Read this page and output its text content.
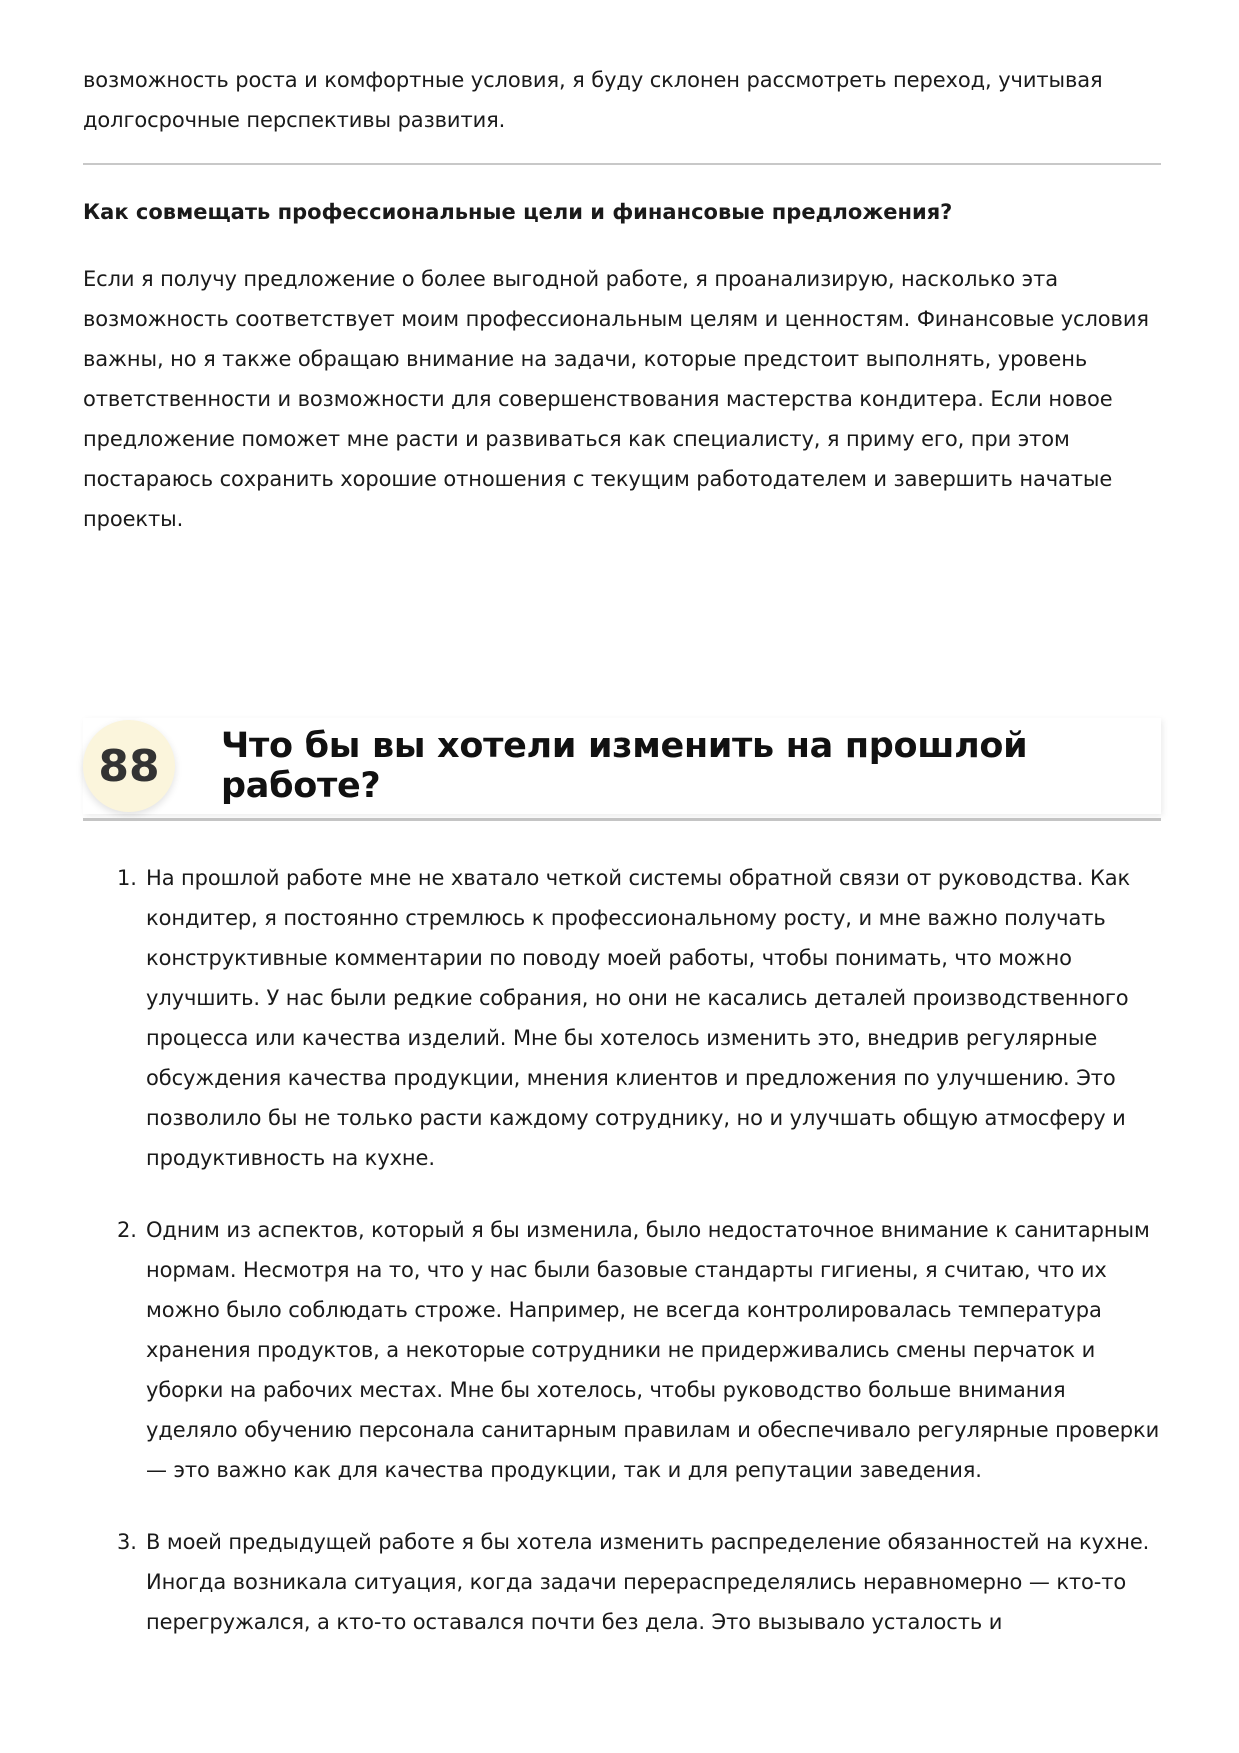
возможность роста и комфортные условия, я буду склонен рассмотреть переход, учитывая долгосрочные перспективы развития.

Как совмещать профессиональные цели и финансовые предложения?

Если я получу предложение о более выгодной работе, я проанализирую, насколько эта возможность соответствует моим профессиональным целям и ценностям. Финансовые условия важны, но я также обращаю внимание на задачи, которые предстоит выполнять, уровень ответственности и возможности для совершенствования мастерства кондитера. Если новое предложение поможет мне расти и развиваться как специалисту, я приму его, при этом постараюсь сохранить хорошие отношения с текущим работодателем и завершить начатые проекты.

88	Что бы вы хотели изменить на прошлой работе?
1. На прошлой работе мне не хватало четкой системы обратной связи от руководства. Как кондитер, я постоянно стремлюсь к профессиональному росту, и мне важно получать конструктивные комментарии по поводу моей работы, чтобы понимать, что можно улучшить. У нас были редкие собрания, но они не касались деталей производственного процесса или качества изделий. Мне бы хотелось изменить это, внедрив регулярные обсуждения качества продукции, мнения клиентов и предложения по улучшению. Это позволило бы не только расти каждому сотруднику, но и улучшать общую атмосферу и продуктивность на кухне.
2. Одним из аспектов, который я бы изменила, было недостаточное внимание к санитарным нормам. Несмотря на то, что у нас были базовые стандарты гигиены, я считаю, что их можно было соблюдать строже. Например, не всегда контролировалась температура хранения продуктов, а некоторые сотрудники не придерживались смены перчаток и уборки на рабочих местах. Мне бы хотелось, чтобы руководство больше внимания уделяло обучению персонала санитарным правилам и обеспечивало регулярные проверки — это важно как для качества продукции, так и для репутации заведения.
3. В моей предыдущей работе я бы хотела изменить распределение обязанностей на кухне. Иногда возникала ситуация, когда задачи перераспределялись неравномерно — кто-то перегружался, а кто-то оставался почти без дела. Это вызывало усталость и
